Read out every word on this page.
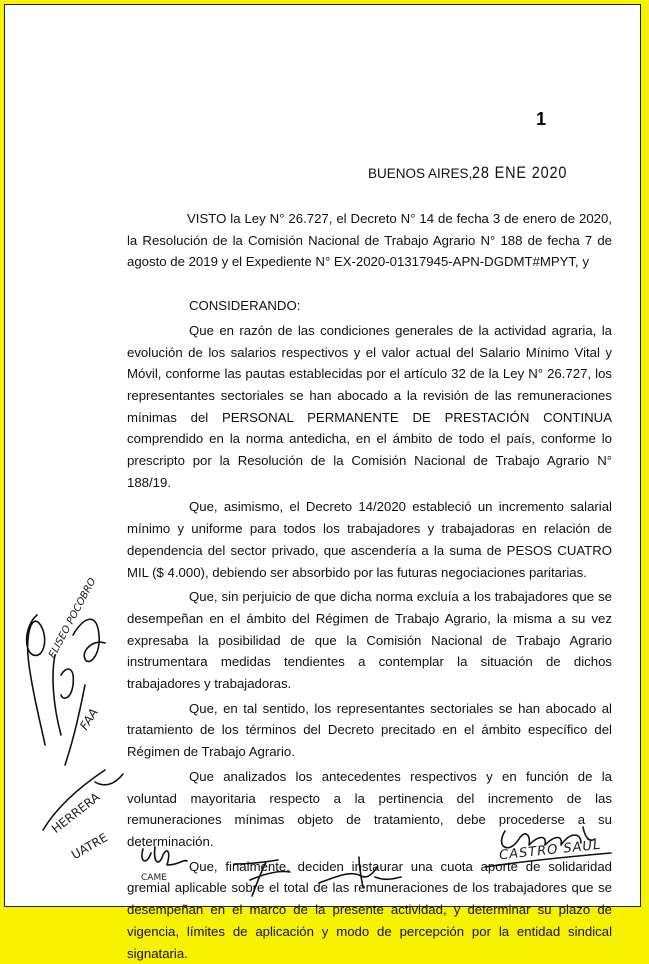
1
BUENOS AIRES,28 ENE 2020

VISTO la Ley N° 26.727, el Decreto N° 14 de fecha 3 de enero de 2020, la Resolución de la Comisión Nacional de Trabajo Agrario N° 188 de fecha 7 de agosto de 2019 y el Expediente N° EX-2020-01317945-APN-DGDMT#MPYT, y

CONSIDERANDO:

Que en razón de las condiciones generales de la actividad agraria, la evolución de los salarios respectivos y el valor actual del Salario Mínimo Vital y Móvil, conforme las pautas establecidas por el artículo 32 de la Ley N° 26.727, los representantes sectoriales se han abocado a la revisión de las remuneraciones mínimas del PERSONAL PERMANENTE DE PRESTACIÓN CONTINUA comprendido en la norma antedicha, en el ámbito de todo el país, conforme lo prescripto por la Resolución de la Comisión Nacional de Trabajo Agrario N° 188/19.

Que, asimismo, el Decreto 14/2020 estableció un incremento salarial mínimo y uniforme para todos los trabajadores y trabajadoras en relación de dependencia del sector privado, que ascendería a la suma de PESOS CUATRO MIL ($ 4.000), debiendo ser absorbido por las futuras negociaciones paritarias.

Que, sin perjuicio de que dicha norma excluía a los trabajadores que se desempeñan en el ámbito del Régimen de Trabajo Agrario, la misma a su vez expresaba la posibilidad de que la Comisión Nacional de Trabajo Agrario instrumentara medidas tendientes a contemplar la situación de dichos trabajadores y trabajadoras.

Que, en tal sentido, los representantes sectoriales se han abocado al tratamiento de los términos del Decreto precitado en el ámbito específico del Régimen de Trabajo Agrario.

Que analizados los antecedentes respectivos y en función de la voluntad mayoritaria respecto a la pertinencia del incremento de las remuneraciones mínimas objeto de tratamiento, debe procederse a su determinación.

Que, finalmente, deciden instaurar una cuota aporte de solidaridad gremial aplicable sobre el total de las remuneraciones de los trabajadores que se desempeñan en el marco de la presente actividad, y determinar su plazo de vigencia, límites de aplicación y modo de percepción por la entidad sindical signataria.

ELISEO POCOBRO
FAA
HERRERA
UATRE
CAME
CASTRO SAÚL
